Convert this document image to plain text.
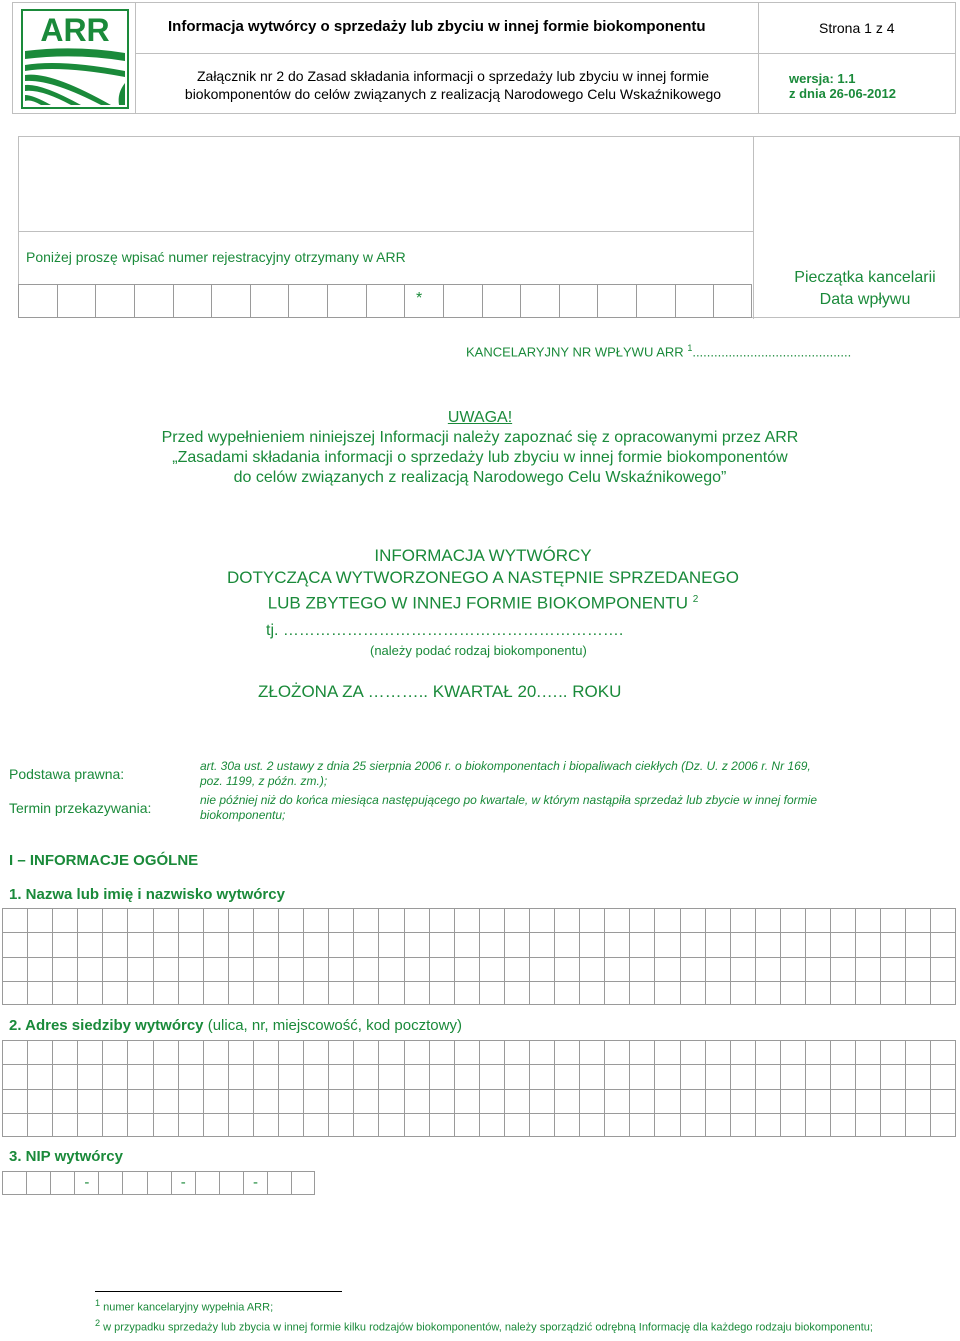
ARR	Informacja wytwórcy o sprzedaży lub zbyciu w innej formie biokomponentu	Strona 1 z 4
Załącznik nr 2 do Zasad składania informacji o sprzedaży lub zbyciu w innej formie
biokomponentów do celów związanych z realizacją Narodowego Celu Wskaźnikowego
wersja: 1.1
z dnia 26-06-2012
Poniżej proszę wpisać numer rejestracyjny otrzymany w ARR
Pieczątka kancelarii
Data wpływu
*
KANCELARYJNY NR WPŁYWU ARR $^1$............................................
UWAGA!
Przed wypełnieniem niniejszej Informacji należy zapoznać się z opracowanymi przez ARR
„Zasadami składania informacji o sprzedaży lub zbyciu w innej formie biokomponentów
do celów związanych z realizacją Narodowego Celu Wskaźnikowego”
INFORMACJA WYTWÓRCY
DOTYCZĄCA WYTWORZONEGO A NASTĘPNIE SPRZEDANEGO
LUB ZBYTEGO W INNEJ FORMIE BIOKOMPONENTU $^2$
tj. ……………………………………………………….
(należy podać rodzaj biokomponentu)
ZŁOŻONA ZA ……….. KWARTAŁ 20.….. ROKU
Podstawa prawna:	art. 30a ust. 2 ustawy z dnia 25 sierpnia 2006 r. o biokomponentach i biopaliwach ciekłych (Dz. U. z 2006 r. Nr 169,
poz. 1199, z późn. zm.);
Termin przekazywania:	nie później niż do końca miesiąca następującego po kwartale, w którym nastąpiła sprzedaż lub zbycie w innej formie
biokomponentu;
I – INFORMACJE OGÓLNE
1. Nazwa lub imię i nazwisko wytwórcy
2. Adres siedziby wytwórcy (ulica, nr, miejscowość, kod pocztowy)
3. NIP wytwórcy
-	-	-
$^1$ numer kancelaryjny wypełnia ARR;
$^2$ w przypadku sprzedaży lub zbycia w innej formie kilku rodzajów biokomponentów, należy sporządzić odrębną Informację dla każdego rodzaju biokomponentu;
